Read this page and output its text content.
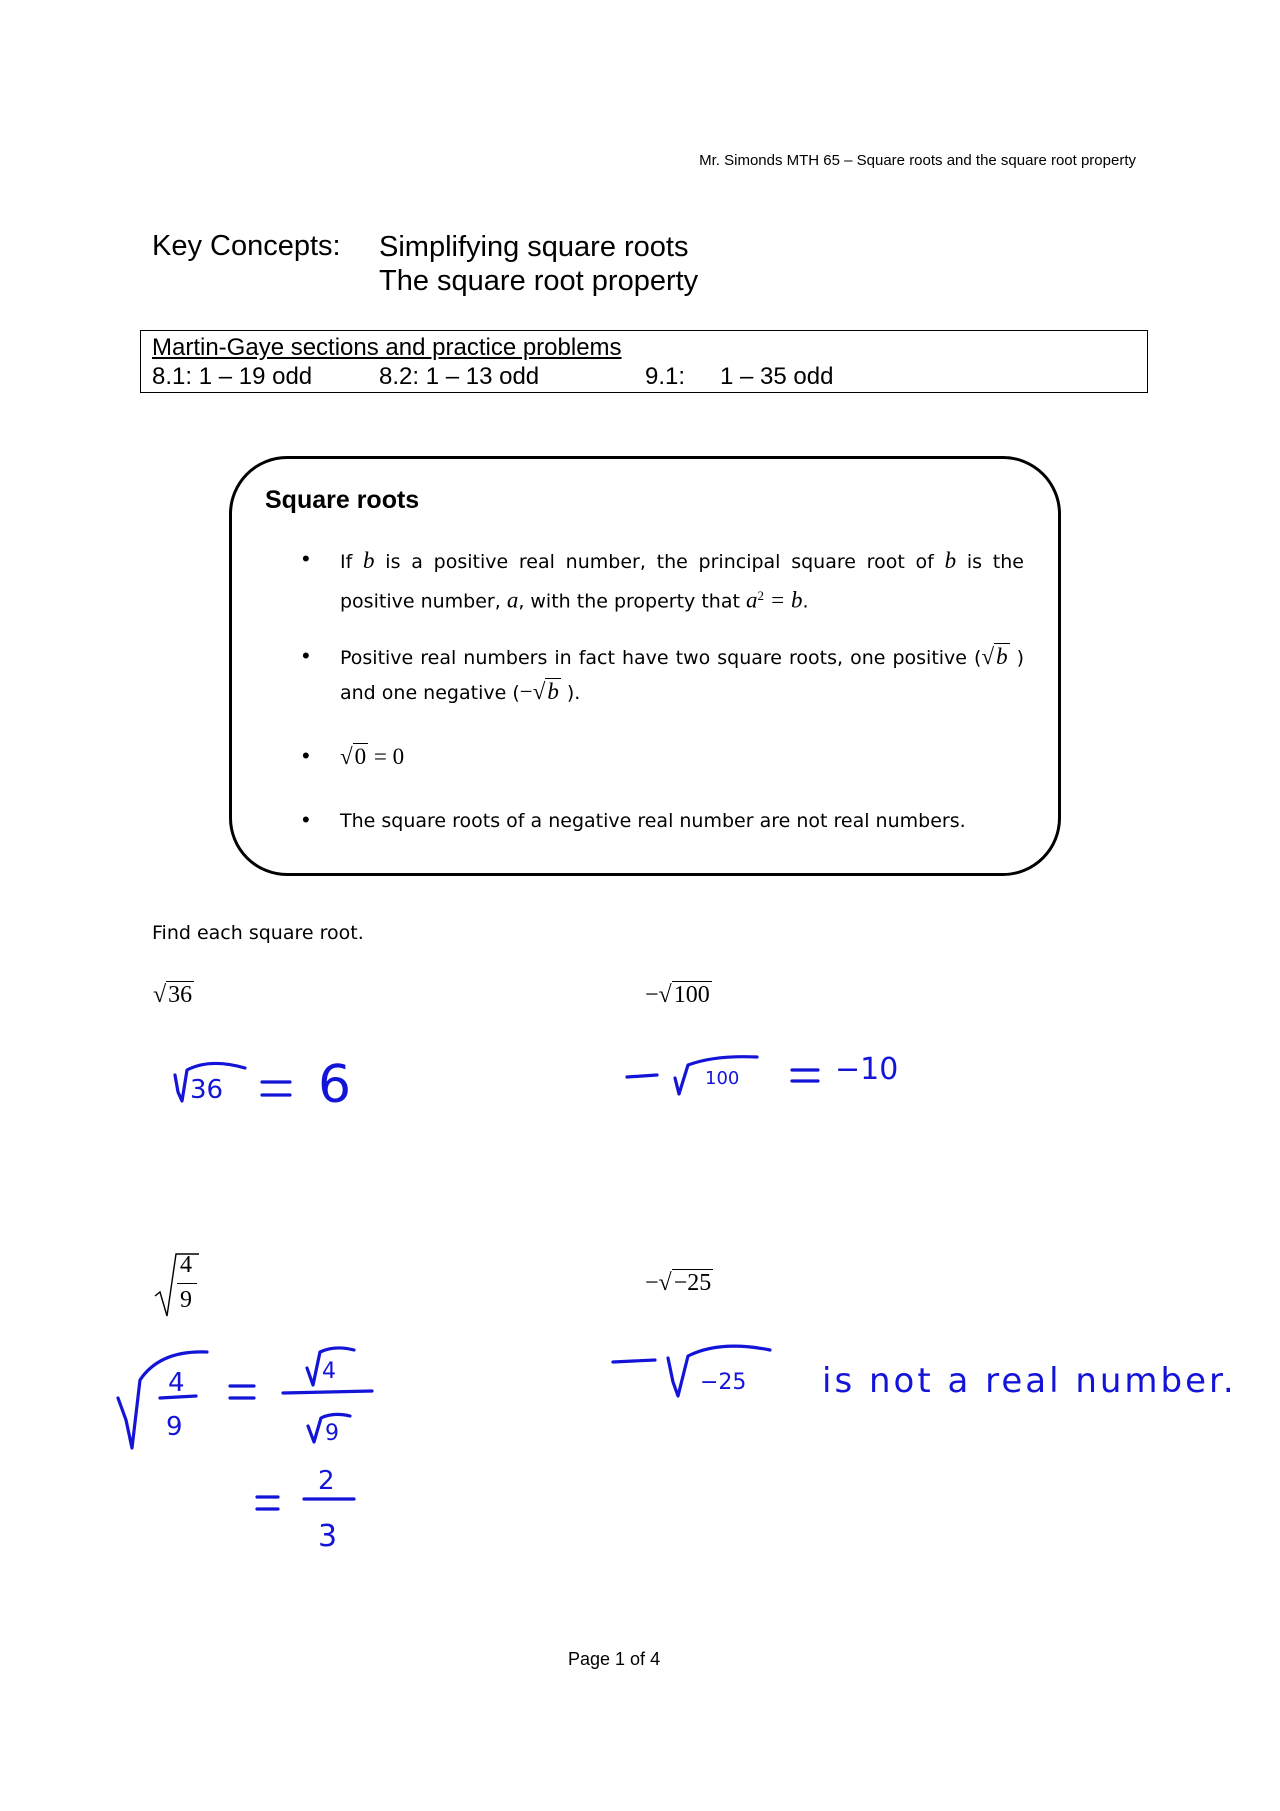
Mr. Simonds MTH 65 – Square roots and the square root property
Key Concepts: Simplifying square roots
The square root property
Martin-Gaye sections and practice problems
8.1: 1 – 19 odd	8.2: 1 – 13 odd	9.1: 1 – 35 odd
Square roots
• If b is a positive real number, the principal square root of b is the positive number, a, with the property that $a^2 = b$.
• Positive real numbers in fact have two square roots, one positive (√b ) and one negative (−√b ).
• √0 = 0
• The square roots of a negative real number are not real numbers.
Find each square root.
√36	−√100
4
9
−√−25
36 6	100	−10
4
9
4
9
2
3
−25 is not a real number.
Page 1 of 4
